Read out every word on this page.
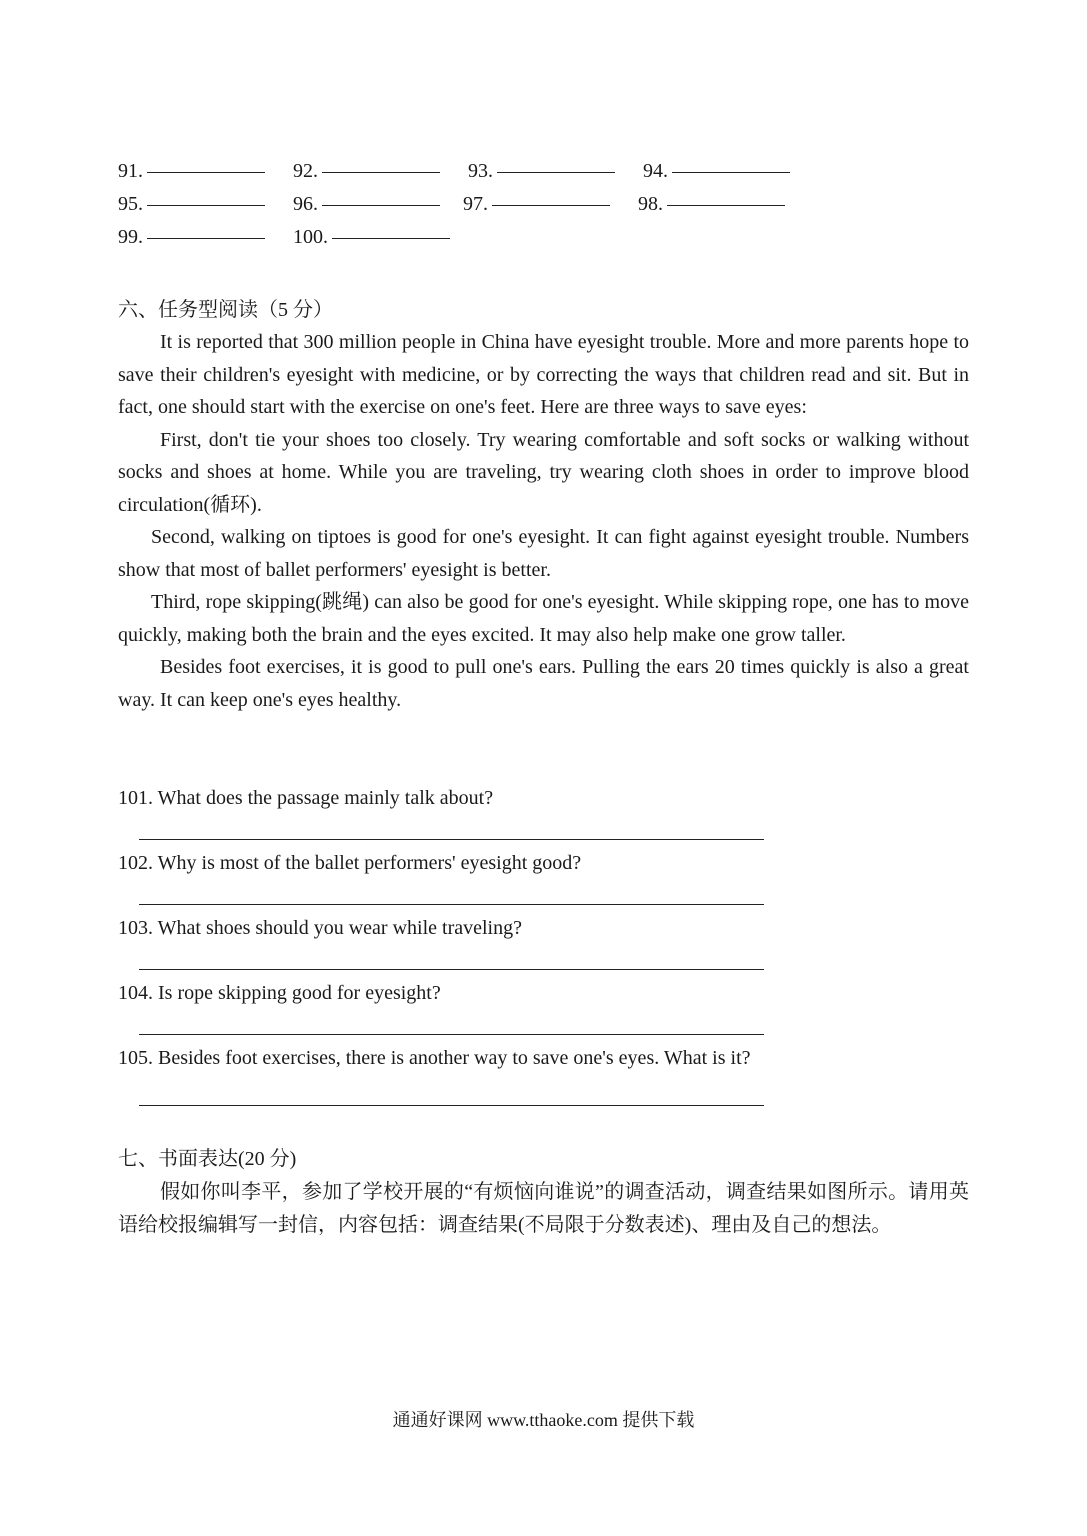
91.	92.	93.	94.
95.	96.	97.	98.
99.	100.
六、任务型阅读（5 分）

It is reported that 300 million people in China have eyesight trouble. More and more parents hope to save their children's eyesight with medicine, or by correcting the ways that children read and sit. But in fact, one should start with the exercise on one's feet. Here are three ways to save eyes:

First, don't tie your shoes too closely. Try wearing comfortable and soft socks or walking without socks and shoes at home. While you are traveling, try wearing cloth shoes in order to improve blood circulation(循环).

Second, walking on tiptoes is good for one's eyesight. It can fight against eyesight trouble. Numbers show that most of ballet performers' eyesight is better.

Third, rope skipping(跳绳) can also be good for one's eyesight. While skipping rope, one has to move quickly, making both the brain and the eyes excited. It may also help make one grow taller.

Besides foot exercises, it is good to pull one's ears. Pulling the ears 20 times quickly is also a great way. It can keep one's eyes healthy.

101. What does the passage mainly talk about?
102. Why is most of the ballet performers' eyesight good?
103. What shoes should you wear while traveling?
104. Is rope skipping good for eyesight?
105. Besides foot exercises, there is another way to save one's eyes. What is it?
七、书面表达(20 分)

假如你叫李平，参加了学校开展的“有烦恼向谁说”的调查活动，调查结果如图所示。请用英语给校报编辑写一封信，内容包括：调查结果(不局限于分数表述)、理由及自己的想法。

通通好课网 www.tthaoke.com 提供下载
